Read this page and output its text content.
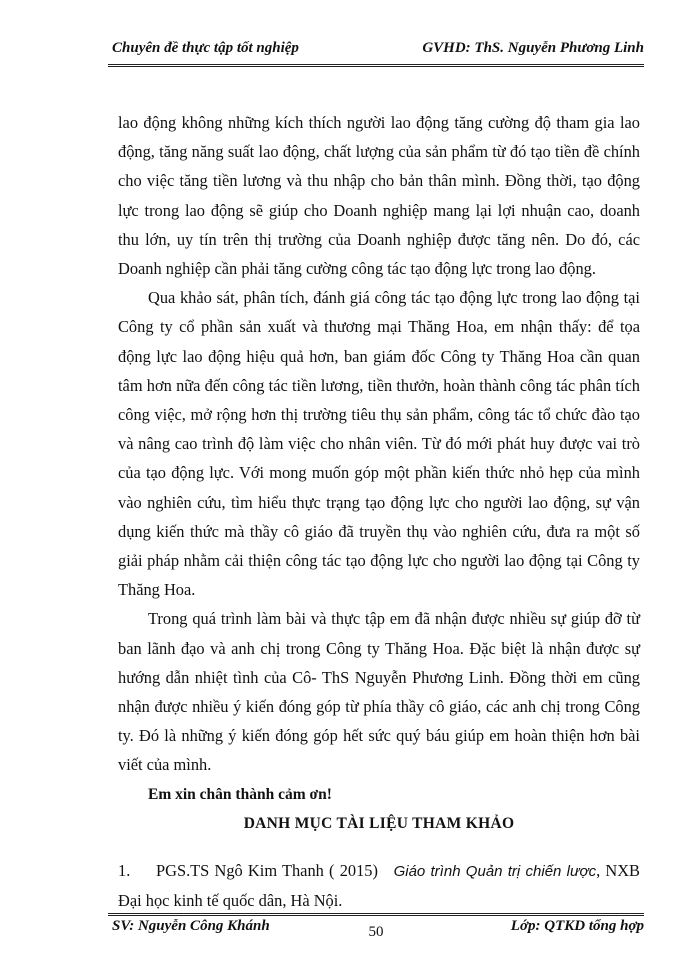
Chuyên đề thực tập tốt nghiệp	GVHD: ThS. Nguyễn Phương Linh

lao động không những kích thích người lao động tăng cường độ tham gia lao động, tăng năng suất lao động, chất lượng của sản phẩm từ đó tạo tiền đề chính cho việc tăng tiền lương và thu nhập cho bản thân mình. Đồng thời, tạo động lực trong lao động sẽ giúp cho Doanh nghiệp mang lại lợi nhuận cao, doanh thu lớn, uy tín trên thị trường của Doanh nghiệp được tăng nên. Do đó, các Doanh nghiệp cần phải tăng cường công tác tạo động lực trong lao động.

Qua khảo sát, phân tích, đánh giá công tác tạo động lực trong lao động tại Công ty cổ phần sản xuất và thương mại Thăng Hoa, em nhận thấy: để tọa động lực lao động hiệu quả hơn, ban giám đốc Công ty Thăng Hoa cần quan tâm hơn nữa đến công tác tiền lương, tiền thưởn, hoàn thành công tác phân tích công việc, mở rộng hơn thị trường tiêu thụ sản phẩm, công tác tổ chức đào tạo và nâng cao trình độ làm việc cho nhân viên. Từ đó mới phát huy được vai trò của tạo động lực. Với mong muốn góp một phần kiến thức nhỏ hẹp của mình vào nghiên cứu, tìm hiểu thực trạng tạo động lực cho người lao động, sự vận dụng kiến thức mà thầy cô giáo đã truyền thụ vào nghiên cứu, đưa ra một số giải pháp nhằm cải thiện công tác tạo động lực cho người lao động tại Công ty Thăng Hoa.

Trong quá trình làm bài và thực tập em đã nhận được nhiều sự giúp đỡ từ ban lãnh đạo và anh chị trong Công ty Thăng Hoa. Đặc biệt là nhận được sự hướng dẫn nhiệt tình của Cô- ThS Nguyễn Phương Linh. Đồng thời em cũng nhận được nhiều ý kiến đóng góp từ phía thầy cô giáo, các anh chị trong Công ty. Đó là những ý kiến đóng góp hết sức quý báu giúp em hoàn thiện hơn bài viết của mình.

Em xin chân thành cảm ơn!
DANH MỤC TÀI LIỆU THAM KHẢO
1. PGS.TS Ngô Kim Thanh ( 2015) Giáo trình Quản trị chiến lược, NXB Đại học kinh tế quốc dân, Hà Nội.
SV: Nguyễn Công Khánh	50	Lớp: QTKD tổng hợp
